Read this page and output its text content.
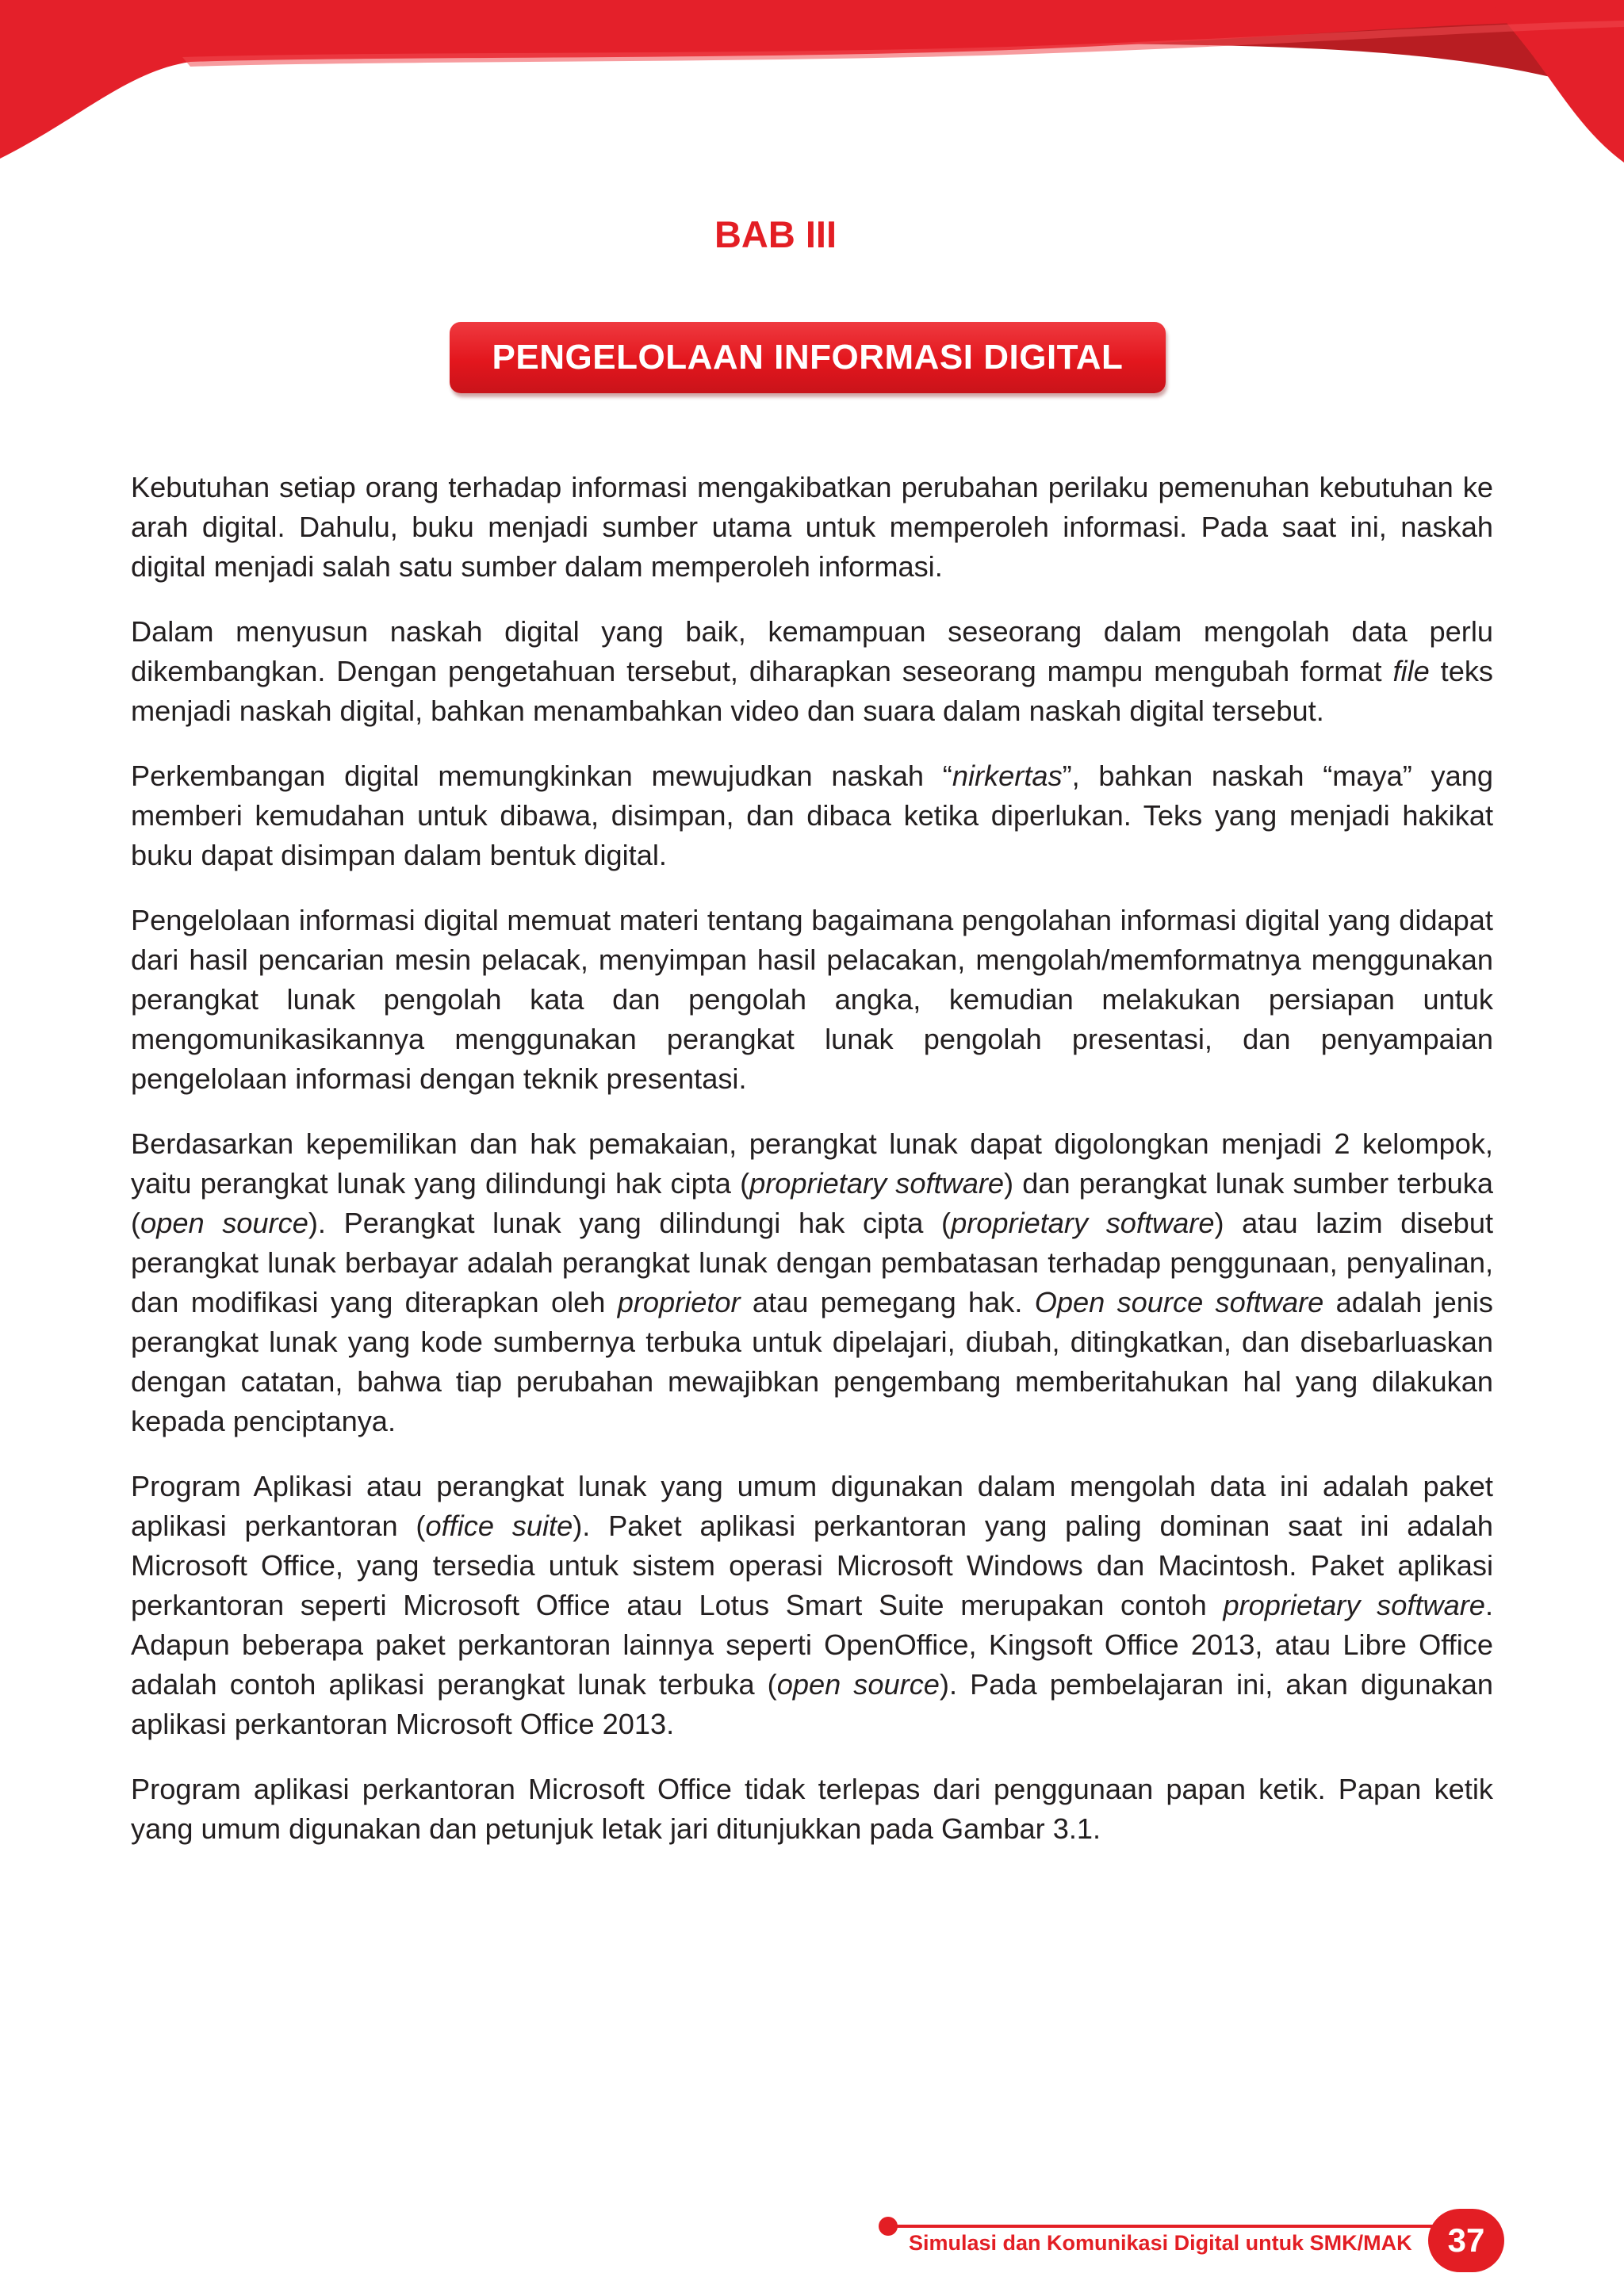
BAB III
PENGELOLAAN INFORMASI DIGITAL

Kebutuhan setiap orang terhadap informasi mengakibatkan perubahan perilaku pemenuhan kebutuhan ke arah digital. Dahulu, buku menjadi sumber utama untuk memperoleh informasi. Pada saat ini, naskah digital menjadi salah satu sumber dalam memperoleh informasi.

Dalam menyusun naskah digital yang baik, kemampuan seseorang dalam mengolah data perlu dikembangkan. Dengan pengetahuan tersebut, diharapkan seseorang mampu mengubah format file teks menjadi naskah digital, bahkan menambahkan video dan suara dalam naskah digital tersebut.

Perkembangan digital memungkinkan mewujudkan naskah “nirkertas”, bahkan naskah “maya” yang memberi kemudahan untuk dibawa, disimpan, dan dibaca ketika diperlukan. Teks yang menjadi hakikat buku dapat disimpan dalam bentuk digital.

Pengelolaan informasi digital memuat materi tentang bagaimana pengolahan informasi digital yang didapat dari hasil pencarian mesin pelacak, menyimpan hasil pelacakan, mengolah/memformatnya menggunakan perangkat lunak pengolah kata dan pengolah angka, kemudian melakukan persiapan untuk mengomunikasikannya menggunakan perangkat lunak pengolah presentasi, dan penyampaian pengelolaan informasi dengan teknik presentasi.

Berdasarkan kepemilikan dan hak pemakaian, perangkat lunak dapat digolongkan menjadi 2 kelompok, yaitu perangkat lunak yang dilindungi hak cipta (proprietary software) dan perangkat lunak sumber terbuka (open source). Perangkat lunak yang dilindungi hak cipta (proprietary software) atau lazim disebut perangkat lunak berbayar adalah perangkat lunak dengan pembatasan terhadap penggunaan, penyalinan, dan modifikasi yang diterapkan oleh proprietor atau pemegang hak. Open source software adalah jenis perangkat lunak yang kode sumbernya terbuka untuk dipelajari, diubah, ditingkatkan, dan disebarluaskan dengan catatan, bahwa tiap perubahan mewajibkan pengembang memberitahukan hal yang dilakukan kepada penciptanya.

Program Aplikasi atau perangkat lunak yang umum digunakan dalam mengolah data ini adalah paket aplikasi perkantoran (office suite). Paket aplikasi perkantoran yang paling dominan saat ini adalah Microsoft Office, yang tersedia untuk sistem operasi Microsoft Windows dan Macintosh. Paket aplikasi perkantoran seperti Microsoft Office atau Lotus Smart Suite merupakan contoh proprietary software. Adapun beberapa paket perkantoran lainnya seperti OpenOffice, Kingsoft Office 2013, atau Libre Office adalah contoh aplikasi perangkat lunak terbuka (open source). Pada pembelajaran ini, akan digunakan aplikasi perkantoran Microsoft Office 2013.

Program aplikasi perkantoran Microsoft Office tidak terlepas dari penggunaan papan ketik. Papan ketik yang umum digunakan dan petunjuk letak jari ditunjukkan pada Gambar 3.1.

Simulasi dan Komunikasi Digital untuk SMK/MAK 37
